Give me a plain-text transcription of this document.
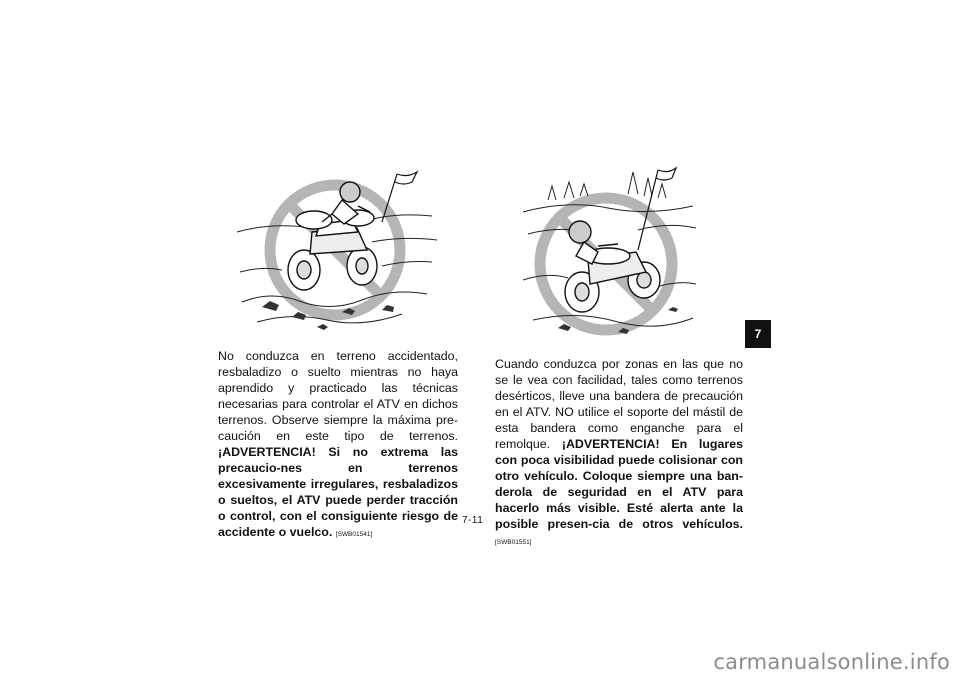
No conduzca en terreno accidentado, resbaladizo o suelto mientras no haya aprendido y practicado las técnicas necesarias para controlar el ATV en dichos terrenos. Observe siempre la máxima pre-caución en este tipo de terrenos. ¡ADVERTENCIA! Si no extrema las precaucio-nes en terrenos excesivamente irregulares, resbaladizos o sueltos, el ATV puede perder tracción o control, con el consiguiente riesgo de accidente o vuelco. [SWB01541]
Cuando conduzca por zonas en las que no se le vea con facilidad, tales como terrenos desérticos, lleve una bandera de precaución en el ATV. NO utilice el soporte del mástil de esta bandera como enganche para el remolque. ¡ADVERTENCIA! En lugares con poca visibilidad puede colisionar con otro vehículo. Coloque siempre una ban-derola de seguridad en el ATV para hacerlo más visible. Esté alerta ante la posible presen-cia de otros vehículos. [SWB01551]
7-11
7
carmanualsonline.info
